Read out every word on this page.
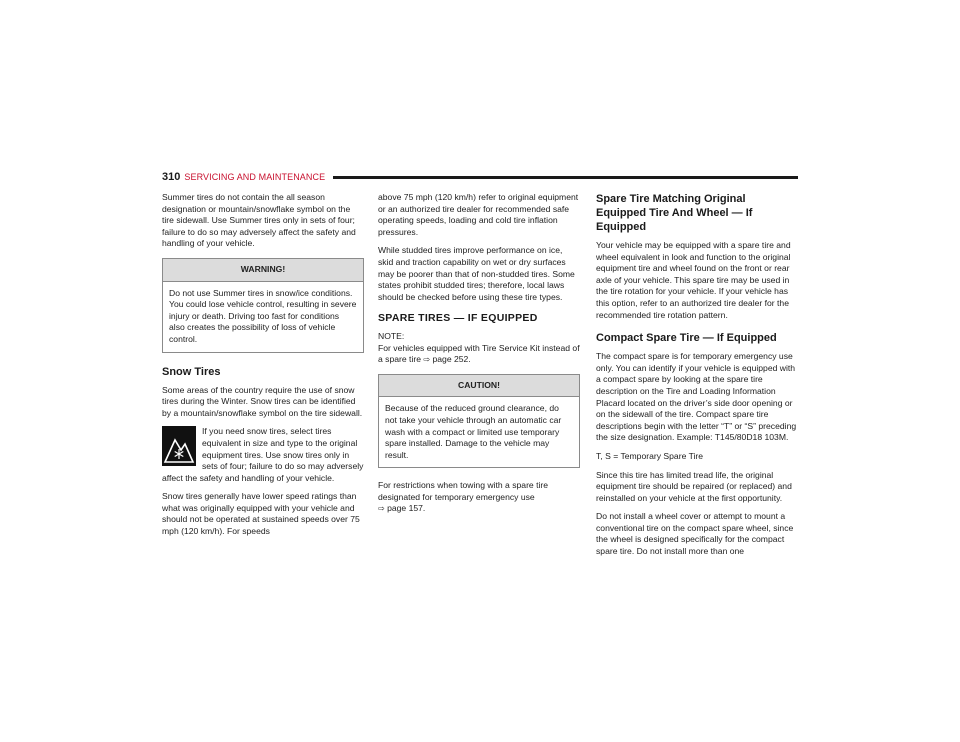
310 SERVICING AND MAINTENANCE

Summer tires do not contain the all season designation or mountain/snowflake symbol on the tire sidewall. Use Summer tires only in sets of four; failure to do so may adversely affect the safety and handling of your vehicle.

WARNING!
Do not use Summer tires in snow/ice conditions. You could lose vehicle control, resulting in severe injury or death. Driving too fast for conditions also creates the possibility of loss of vehicle control.
Snow Tires

Some areas of the country require the use of snow tires during the Winter. Snow tires can be identified by a mountain/snowflake symbol on the tire sidewall.

If you need snow tires, select tires equivalent in size and type to the original equipment tires. Use snow tires only in sets of four; failure to do so may adversely affect the safety and handling of your vehicle.

Snow tires generally have lower speed ratings than what was originally equipped with your vehicle and should not be operated at sustained speeds over 75 mph (120 km/h). For speeds

above 75 mph (120 km/h) refer to original equipment or an authorized tire dealer for recommended safe operating speeds, loading and cold tire inflation pressures.

While studded tires improve performance on ice, skid and traction capability on wet or dry surfaces may be poorer than that of non-studded tires. Some states prohibit studded tires; therefore, local laws should be checked before using these tire types.

SPARE TIRES — IF EQUIPPED

NOTE:
For vehicles equipped with Tire Service Kit instead of a spare tire ⇨ page 252.

CAUTION!
Because of the reduced ground clearance, do not take your vehicle through an automatic car wash with a compact or limited use temporary spare installed. Damage to the vehicle may result.

For restrictions when towing with a spare tire designated for temporary emergency use
⇨ page 157.

Spare Tire Matching Original Equipped Tire And Wheel — If Equipped

Your vehicle may be equipped with a spare tire and wheel equivalent in look and function to the original equipment tire and wheel found on the front or rear axle of your vehicle. This spare tire may be used in the tire rotation for your vehicle. If your vehicle has this option, refer to an authorized tire dealer for the recommended tire rotation pattern.

Compact Spare Tire — If Equipped

The compact spare is for temporary emergency use only. You can identify if your vehicle is equipped with a compact spare by looking at the spare tire description on the Tire and Loading Information Placard located on the driver’s side door opening or on the sidewall of the tire. Compact spare tire descriptions begin with the letter “T” or “S” preceding the size designation. Example: T145/80D18 103M.

T, S = Temporary Spare Tire

Since this tire has limited tread life, the original equipment tire should be repaired (or replaced) and reinstalled on your vehicle at the first opportunity.

Do not install a wheel cover or attempt to mount a conventional tire on the compact spare wheel, since the wheel is designed specifically for the compact spare tire. Do not install more than one
